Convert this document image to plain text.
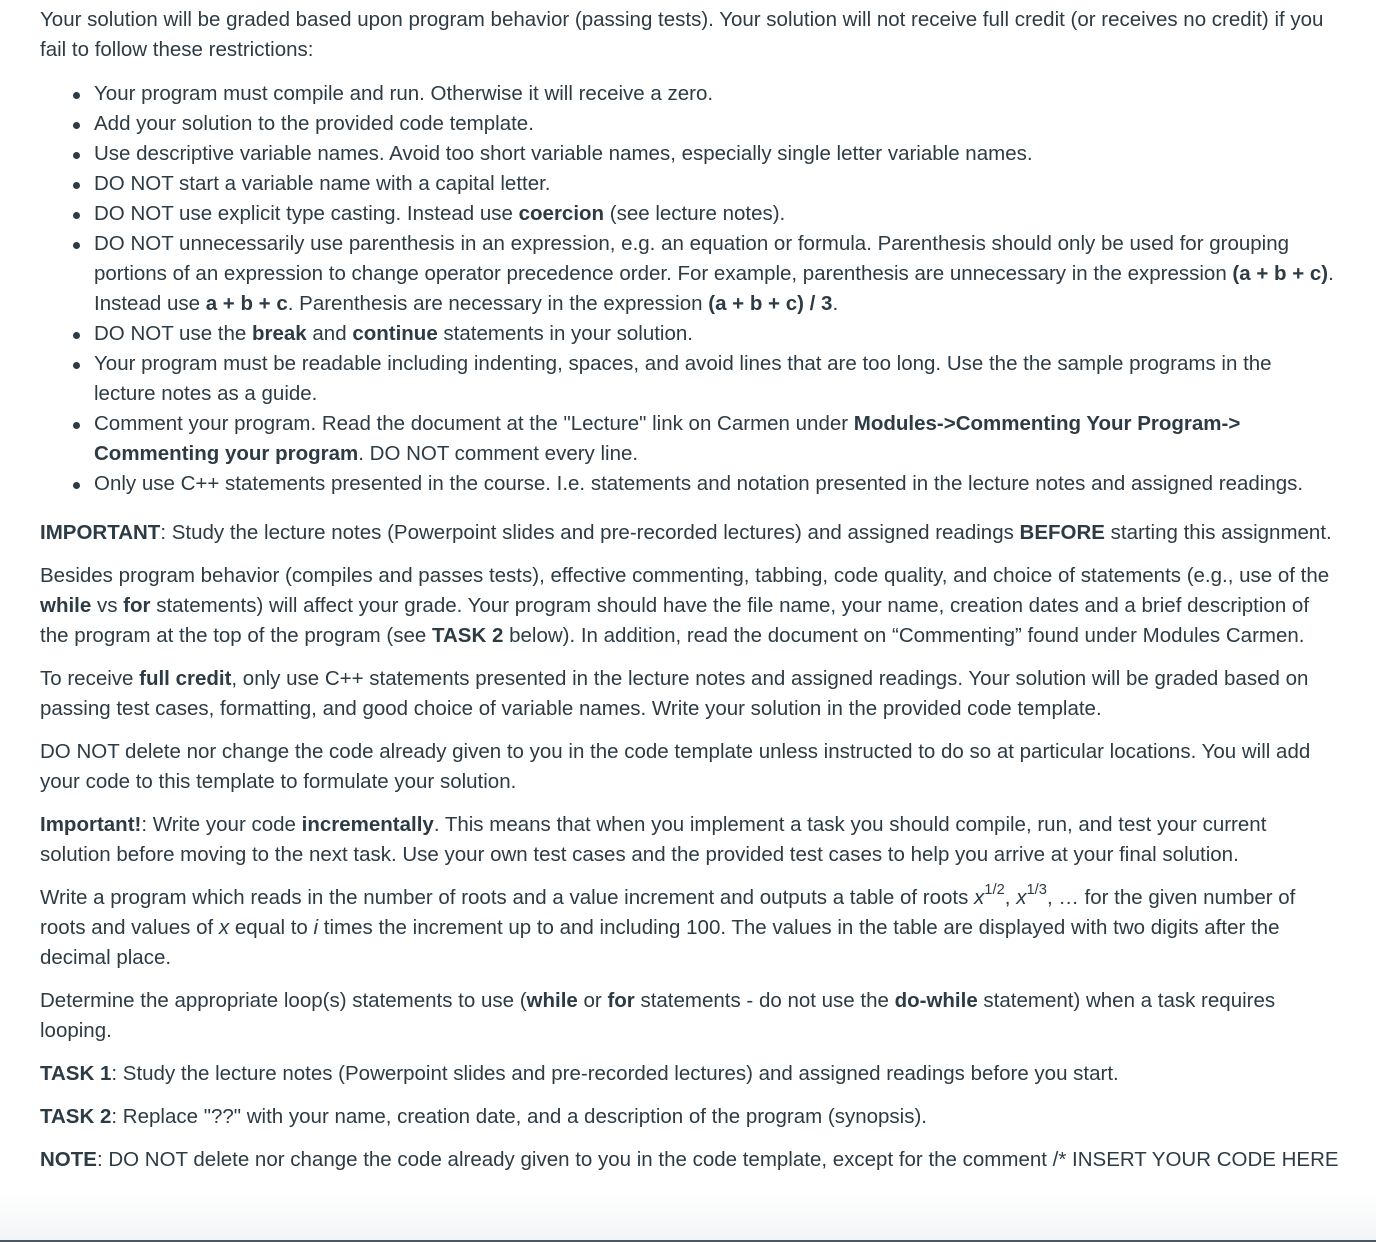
Your solution will be graded based upon program behavior (passing tests). Your solution will not receive full credit (or receives no credit) if you fail to follow these restrictions:

Your program must compile and run. Otherwise it will receive a zero.
Add your solution to the provided code template.
Use descriptive variable names. Avoid too short variable names, especially single letter variable names.
DO NOT start a variable name with a capital letter.
DO NOT use explicit type casting. Instead use coercion (see lecture notes).
DO NOT unnecessarily use parenthesis in an expression, e.g. an equation or formula. Parenthesis should only be used for grouping portions of an expression to change operator precedence order. For example, parenthesis are unnecessary in the expression (a + b + c). Instead use a + b + c. Parenthesis are necessary in the expression (a + b + c) / 3.
DO NOT use the break and continue statements in your solution.
Your program must be readable including indenting, spaces, and avoid lines that are too long. Use the the sample programs in the lecture notes as a guide.
Comment your program. Read the document at the "Lecture" link on Carmen under Modules->Commenting Your Program-> Commenting your program. DO NOT comment every line.
Only use C++ statements presented in the course. I.e. statements and notation presented in the lecture notes and assigned readings.

IMPORTANT: Study the lecture notes (Powerpoint slides and pre-recorded lectures) and assigned readings BEFORE starting this assignment.

Besides program behavior (compiles and passes tests), effective commenting, tabbing, code quality, and choice of statements (e.g., use of the while vs for statements) will affect your grade. Your program should have the file name, your name, creation dates and a brief description of the program at the top of the program (see TASK 2 below). In addition, read the document on “Commenting” found under Modules Carmen.

To receive full credit, only use C++ statements presented in the lecture notes and assigned readings. Your solution will be graded based on passing test cases, formatting, and good choice of variable names. Write your solution in the provided code template.

DO NOT delete nor change the code already given to you in the code template unless instructed to do so at particular locations. You will add your code to this template to formulate your solution.

Important!: Write your code incrementally. This means that when you implement a task you should compile, run, and test your current solution before moving to the next task. Use your own test cases and the provided test cases to help you arrive at your final solution.

Write a program which reads in the number of roots and a value increment and outputs a table of roots $x^{1/2}$, $x^{1/3}$, … for the given number of roots and values of x equal to i times the increment up to and including 100. The values in the table are displayed with two digits after the decimal place.

Determine the appropriate loop(s) statements to use (while or for statements - do not use the do-while statement) when a task requires looping.

TASK 1: Study the lecture notes (Powerpoint slides and pre-recorded lectures) and assigned readings before you start.

TASK 2: Replace "??" with your name, creation date, and a description of the program (synopsis).

NOTE: DO NOT delete nor change the code already given to you in the code template, except for the comment /* INSERT YOUR CODE HERE
